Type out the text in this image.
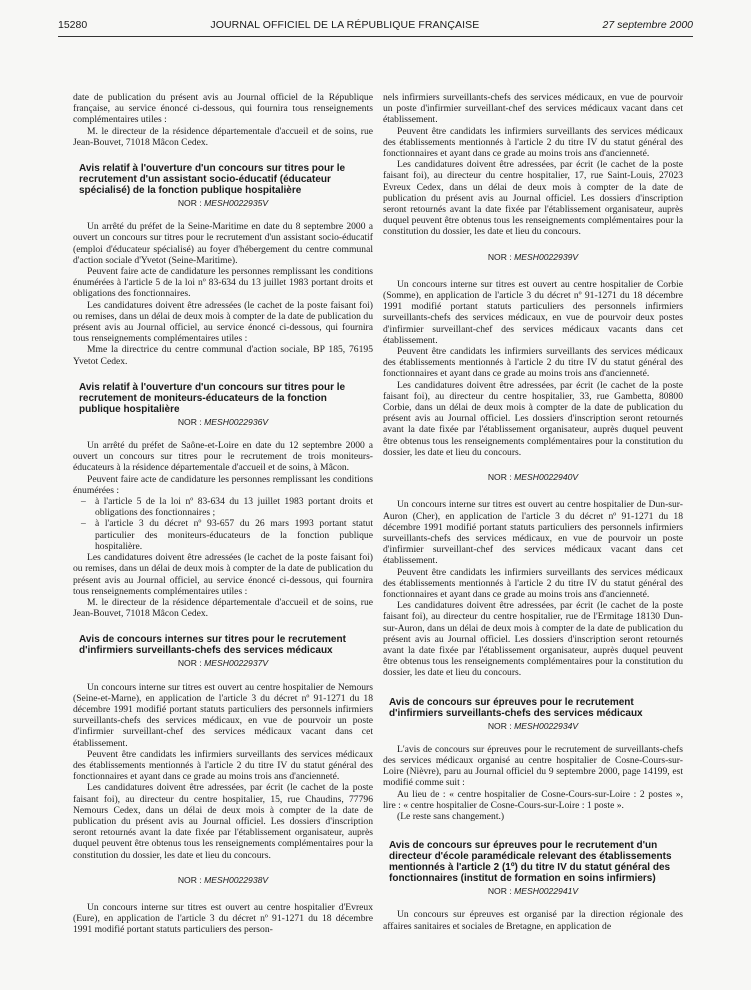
15280	JOURNAL OFFICIEL DE LA RÉPUBLIQUE FRANÇAISE	27 septembre 2000

date de publication du présent avis au Journal officiel de la République française, au service énoncé ci-dessous, qui fournira tous renseignements complémentaires utiles :

M. le directeur de la résidence départementale d'accueil et de soins, rue Jean-Bouvet, 71018 Mâcon Cedex.

Avis relatif à l'ouverture d'un concours sur titres pour le recrutement d'un assistant socio-éducatif (éducateur spécialisé) de la fonction publique hospitalière
NOR : MESH0022935V

Un arrêté du préfet de la Seine-Maritime en date du 8 septembre 2000 a ouvert un concours sur titres pour le recrutement d'un assistant socio-éducatif (emploi d'éducateur spécialisé) au foyer d'hébergement du centre communal d'action sociale d'Yvetot (Seine-Maritime).

Peuvent faire acte de candidature les personnes remplissant les conditions énumérées à l'article 5 de la loi nº 83-634 du 13 juillet 1983 portant droits et obligations des fonctionnaires.

Les candidatures doivent être adressées (le cachet de la poste faisant foi) ou remises, dans un délai de deux mois à compter de la date de publication du présent avis au Journal officiel, au service énoncé ci-dessous, qui fournira tous renseignements complémentaires utiles :

Mme la directrice du centre communal d'action sociale, BP 185, 76195 Yvetot Cedex.

Avis relatif à l'ouverture d'un concours sur titres pour le recrutement de moniteurs-éducateurs de la fonction publique hospitalière
NOR : MESH0022936V

Un arrêté du préfet de Saône-et-Loire en date du 12 septembre 2000 a ouvert un concours sur titres pour le recrutement de trois moniteurs-éducateurs à la résidence départementale d'accueil et de soins, à Mâcon.

Peuvent faire acte de candidature les personnes remplissant les conditions énumérées :

– à l'article 5 de la loi nº 83-634 du 13 juillet 1983 portant droits et obligations des fonctionnaires ;
– à l'article 3 du décret nº 93-657 du 26 mars 1993 portant statut particulier des moniteurs-éducateurs de la fonction publique hospitalière.

Les candidatures doivent être adressées (le cachet de la poste faisant foi) ou remises, dans un délai de deux mois à compter de la date de publication du présent avis au Journal officiel, au service énoncé ci-dessous, qui fournira tous renseignements complémentaires utiles :

M. le directeur de la résidence départementale d'accueil et de soins, rue Jean-Bouvet, 71018 Mâcon Cedex.

Avis de concours internes sur titres pour le recrutement d'infirmiers surveillants-chefs des services médicaux
NOR : MESH0022937V

Un concours interne sur titres est ouvert au centre hospitalier de Nemours (Seine-et-Marne), en application de l'article 3 du décret nº 91-1271 du 18 décembre 1991 modifié portant statuts particuliers des personnels infirmiers surveillants-chefs des services médicaux, en vue de pourvoir un poste d'infirmier surveillant-chef des services médicaux vacant dans cet établissement.

Peuvent être candidats les infirmiers surveillants des services médicaux des établissements mentionnés à l'article 2 du titre IV du statut général des fonctionnaires et ayant dans ce grade au moins trois ans d'ancienneté.

Les candidatures doivent être adressées, par écrit (le cachet de la poste faisant foi), au directeur du centre hospitalier, 15, rue Chaudins, 77796 Nemours Cedex, dans un délai de deux mois à compter de la date de publication du présent avis au Journal officiel. Les dossiers d'inscription seront retournés avant la date fixée par l'établissement organisateur, auprès duquel peuvent être obtenus tous les renseignements complémentaires pour la constitution du dossier, les date et lieu du concours.

NOR : MESH0022938V

Un concours interne sur titres est ouvert au centre hospitalier d'Evreux (Eure), en application de l'article 3 du décret nº 91-1271 du 18 décembre 1991 modifié portant statuts particuliers des person-

nels infirmiers surveillants-chefs des services médicaux, en vue de pourvoir un poste d'infirmier surveillant-chef des services médicaux vacant dans cet établissement.

Peuvent être candidats les infirmiers surveillants des services médicaux des établissements mentionnés à l'article 2 du titre IV du statut général des fonctionnaires et ayant dans ce grade au moins trois ans d'ancienneté.

Les candidatures doivent être adressées, par écrit (le cachet de la poste faisant foi), au directeur du centre hospitalier, 17, rue Saint-Louis, 27023 Evreux Cedex, dans un délai de deux mois à compter de la date de publication du présent avis au Journal officiel. Les dossiers d'inscription seront retournés avant la date fixée par l'établissement organisateur, auprès duquel peuvent être obtenus tous les renseignements complémentaires pour la constitution du dossier, les date et lieu du concours.

NOR : MESH0022939V

Un concours interne sur titres est ouvert au centre hospitalier de Corbie (Somme), en application de l'article 3 du décret nº 91-1271 du 18 décembre 1991 modifié portant statuts particuliers des personnels infirmiers surveillants-chefs des services médicaux, en vue de pourvoir deux postes d'infirmier surveillant-chef des services médicaux vacants dans cet établissement.

Peuvent être candidats les infirmiers surveillants des services médicaux des établissements mentionnés à l'article 2 du titre IV du statut général des fonctionnaires et ayant dans ce grade au moins trois ans d'ancienneté.

Les candidatures doivent être adressées, par écrit (le cachet de la poste faisant foi), au directeur du centre hospitalier, 33, rue Gambetta, 80800 Corbie, dans un délai de deux mois à compter de la date de publication du présent avis au Journal officiel. Les dossiers d'inscription seront retournés avant la date fixée par l'établissement organisateur, auprès duquel peuvent être obtenus tous les renseignements complémentaires pour la constitution du dossier, les date et lieu du concours.

NOR : MESH0022940V

Un concours interne sur titres est ouvert au centre hospitalier de Dun-sur-Auron (Cher), en application de l'article 3 du décret nº 91-1271 du 18 décembre 1991 modifié portant statuts particuliers des personnels infirmiers surveillants-chefs des services médicaux, en vue de pourvoir un poste d'infirmier surveillant-chef des services médicaux vacant dans cet établissement.

Peuvent être candidats les infirmiers surveillants des services médicaux des établissements mentionnés à l'article 2 du titre IV du statut général des fonctionnaires et ayant dans ce grade au moins trois ans d'ancienneté.

Les candidatures doivent être adressées, par écrit (le cachet de la poste faisant foi), au directeur du centre hospitalier, rue de l'Ermitage 18130 Dun-sur-Auron, dans un délai de deux mois à compter de la date de publication du présent avis au Journal officiel. Les dossiers d'inscription seront retournés avant la date fixée par l'établissement organisateur, auprès duquel peuvent être obtenus tous les renseignements complémentaires pour la constitution du dossier, les date et lieu du concours.

Avis de concours sur épreuves pour le recrutement d'infirmiers surveillants-chefs des services médicaux
NOR : MESH0022934V

L'avis de concours sur épreuves pour le recrutement de surveillants-chefs des services médicaux organisé au centre hospitalier de Cosne-Cours-sur-Loire (Nièvre), paru au Journal officiel du 9 septembre 2000, page 14199, est modifié comme suit :

Au lieu de : « centre hospitalier de Cosne-Cours-sur-Loire : 2 postes », lire : « centre hospitalier de Cosne-Cours-sur-Loire : 1 poste ».

(Le reste sans changement.)

Avis de concours sur épreuves pour le recrutement d'un directeur d'école paramédicale relevant des établissements mentionnés à l'article 2 (1º) du titre IV du statut général des fonctionnaires (institut de formation en soins infirmiers)
NOR : MESH0022941V

Un concours sur épreuves est organisé par la direction régionale des affaires sanitaires et sociales de Bretagne, en application de
